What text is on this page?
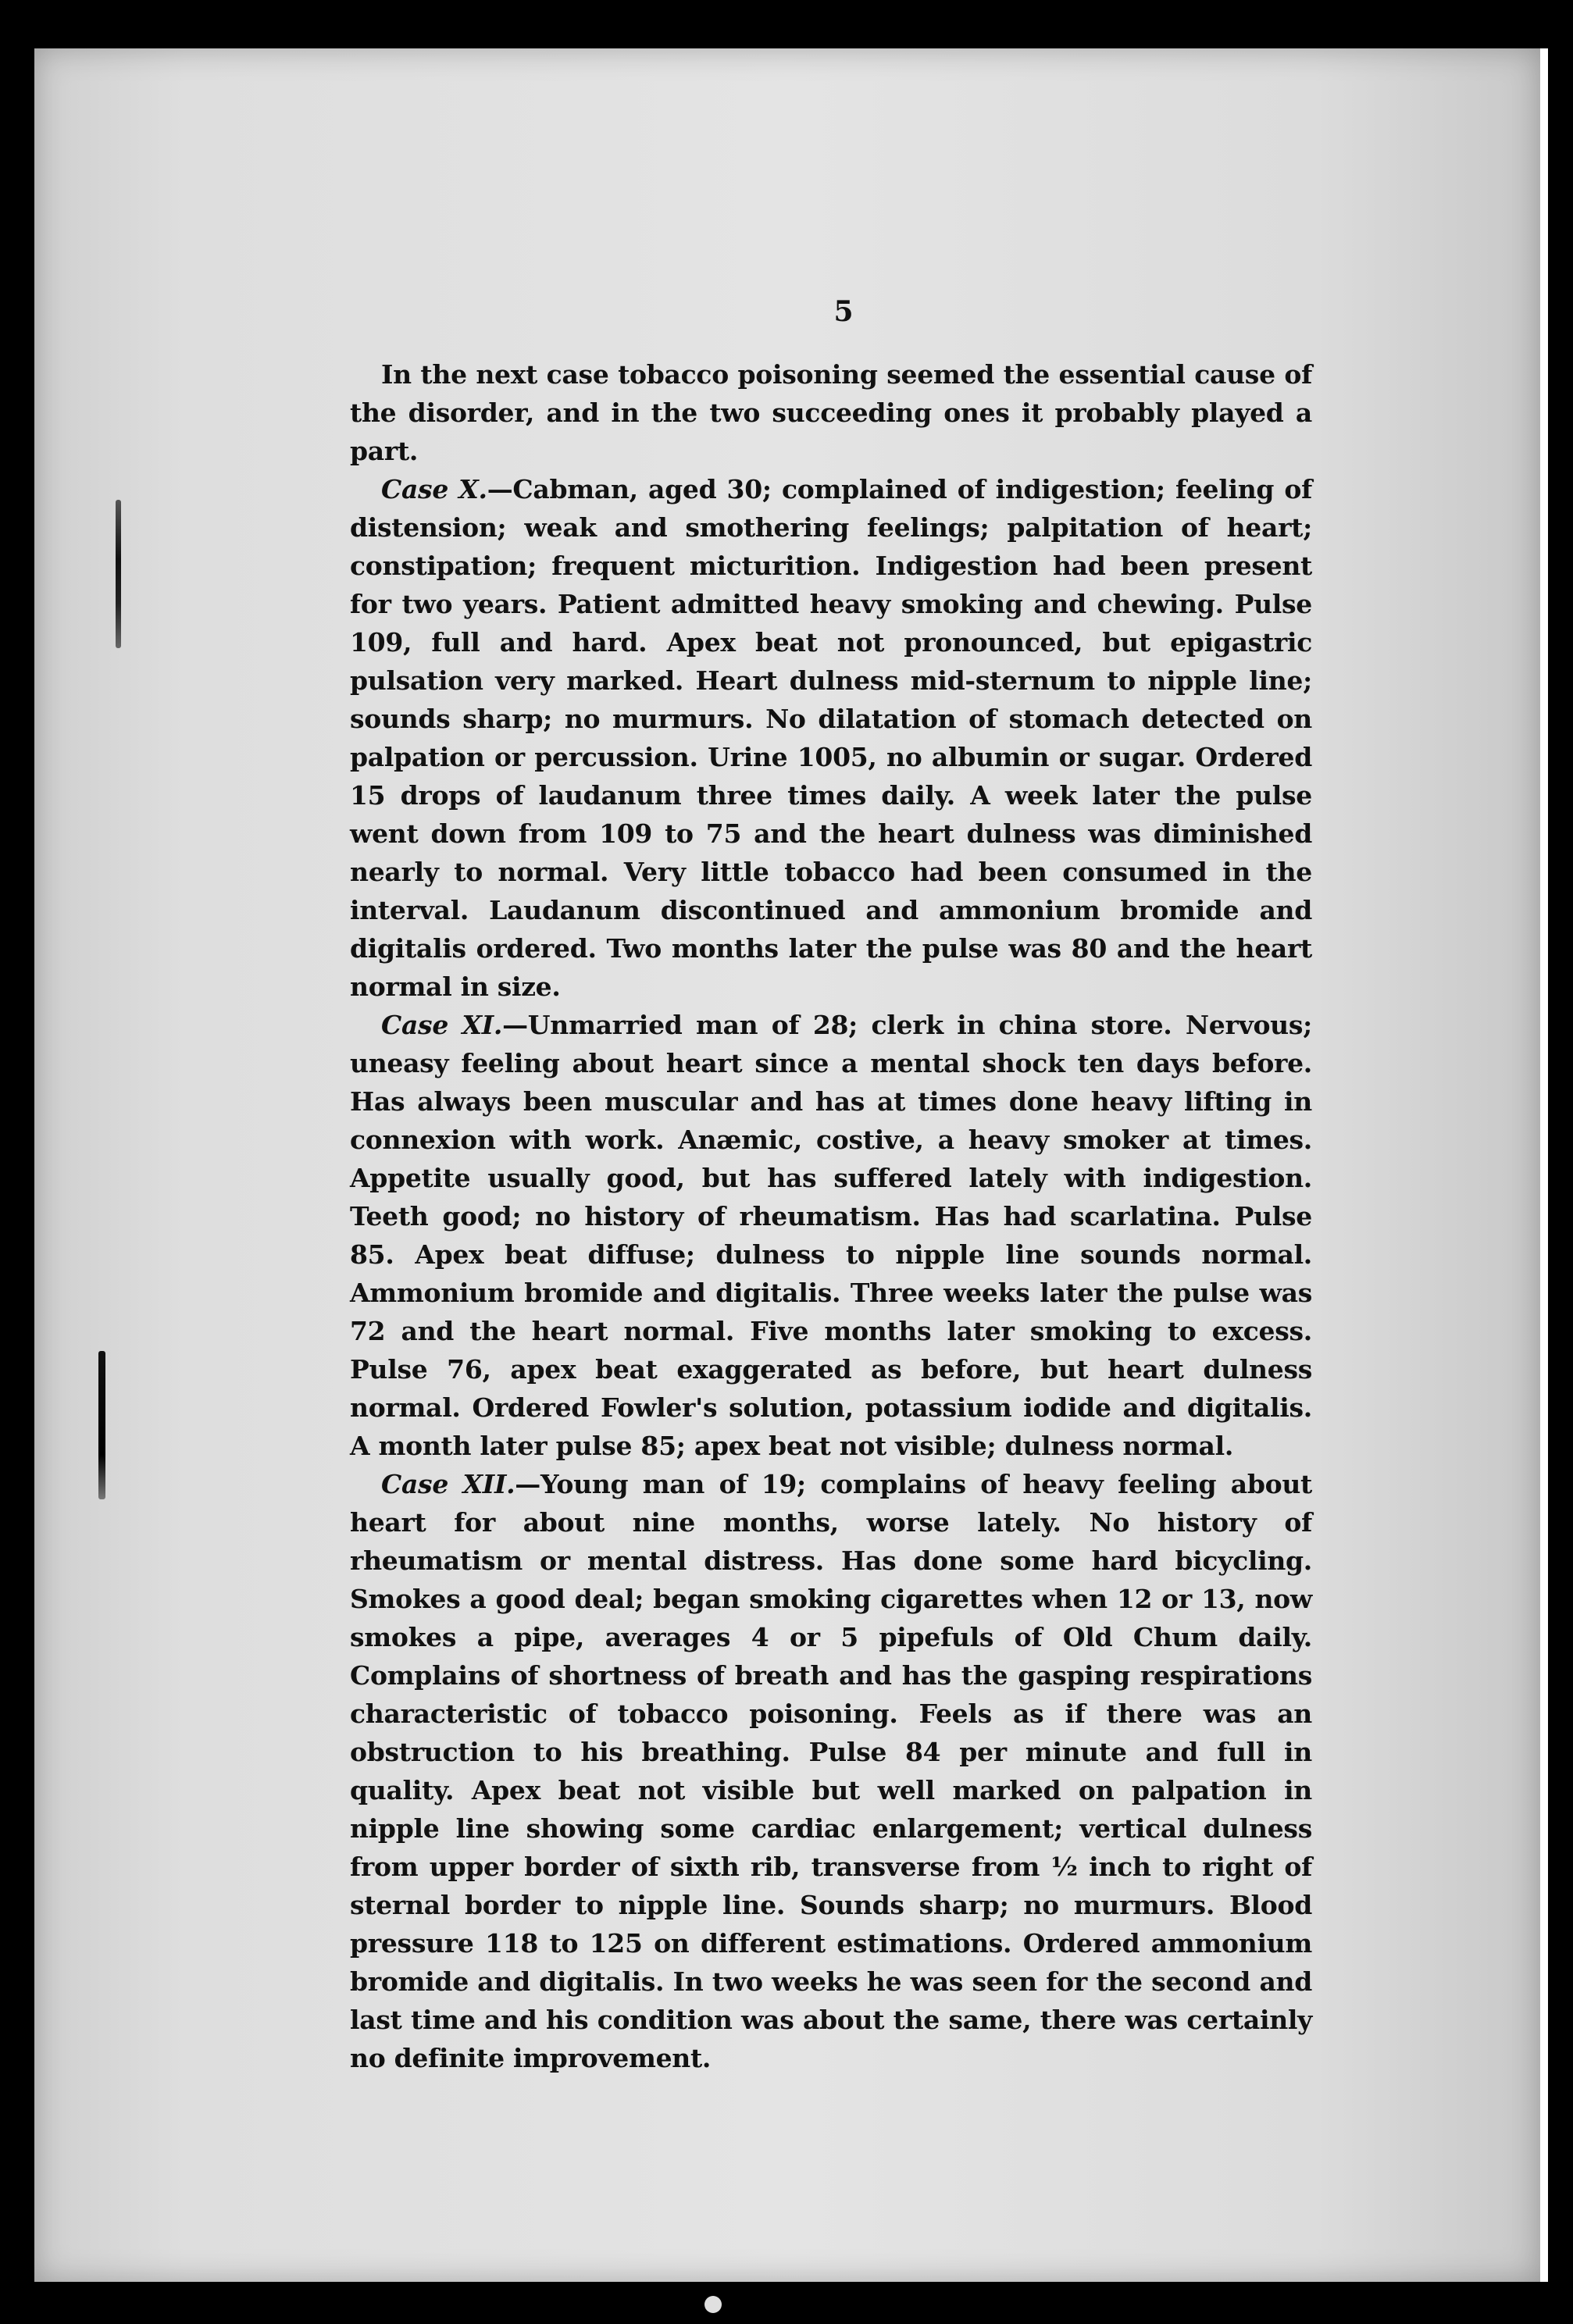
5

In the next case tobacco poisoning seemed the essential cause of the disorder, and in the two succeeding ones it probably played a part.

Case X.—Cabman, aged 30; complained of indigestion; feeling of distension; weak and smothering feelings; palpitation of heart; constipation; frequent micturition. Indigestion had been present for two years. Patient admitted heavy smoking and chewing. Pulse 109, full and hard. Apex beat not pronounced, but epigastric pulsation very marked. Heart dulness mid-sternum to nipple line; sounds sharp; no murmurs. No dilatation of stomach detected on palpation or percussion. Urine 1005, no albumin or sugar. Ordered 15 drops of laudanum three times daily. A week later the pulse went down from 109 to 75 and the heart dulness was diminished nearly to normal. Very little tobacco had been consumed in the interval. Laudanum discontinued and ammonium bromide and digitalis ordered. Two months later the pulse was 80 and the heart normal in size.

Case XI.—Unmarried man of 28; clerk in china store. Nervous; uneasy feeling about heart since a mental shock ten days before. Has always been muscular and has at times done heavy lifting in connexion with work. Anæmic, costive, a heavy smoker at times. Appetite usually good, but has suffered lately with indigestion. Teeth good; no history of rheumatism. Has had scarlatina. Pulse 85. Apex beat diffuse; dulness to nipple line sounds normal. Ammonium bromide and digitalis. Three weeks later the pulse was 72 and the heart normal. Five months later smoking to excess. Pulse 76, apex beat exaggerated as before, but heart dulness normal. Ordered Fowler's solution, potassium iodide and digitalis. A month later pulse 85; apex beat not visible; dulness normal.

Case XII.—Young man of 19; complains of heavy feeling about heart for about nine months, worse lately. No history of rheumatism or mental distress. Has done some hard bicycling. Smokes a good deal; began smoking cigarettes when 12 or 13, now smokes a pipe, averages 4 or 5 pipefuls of Old Chum daily. Complains of shortness of breath and has the gasping respirations characteristic of tobacco poisoning. Feels as if there was an obstruction to his breathing. Pulse 84 per minute and full in quality. Apex beat not visible but well marked on palpation in nipple line showing some cardiac enlargement; vertical dulness from upper border of sixth rib, transverse from ½ inch to right of sternal border to nipple line. Sounds sharp; no murmurs. Blood pressure 118 to 125 on different estimations. Ordered ammonium bromide and digitalis. In two weeks he was seen for the second and last time and his condition was about the same, there was certainly no definite improvement.
